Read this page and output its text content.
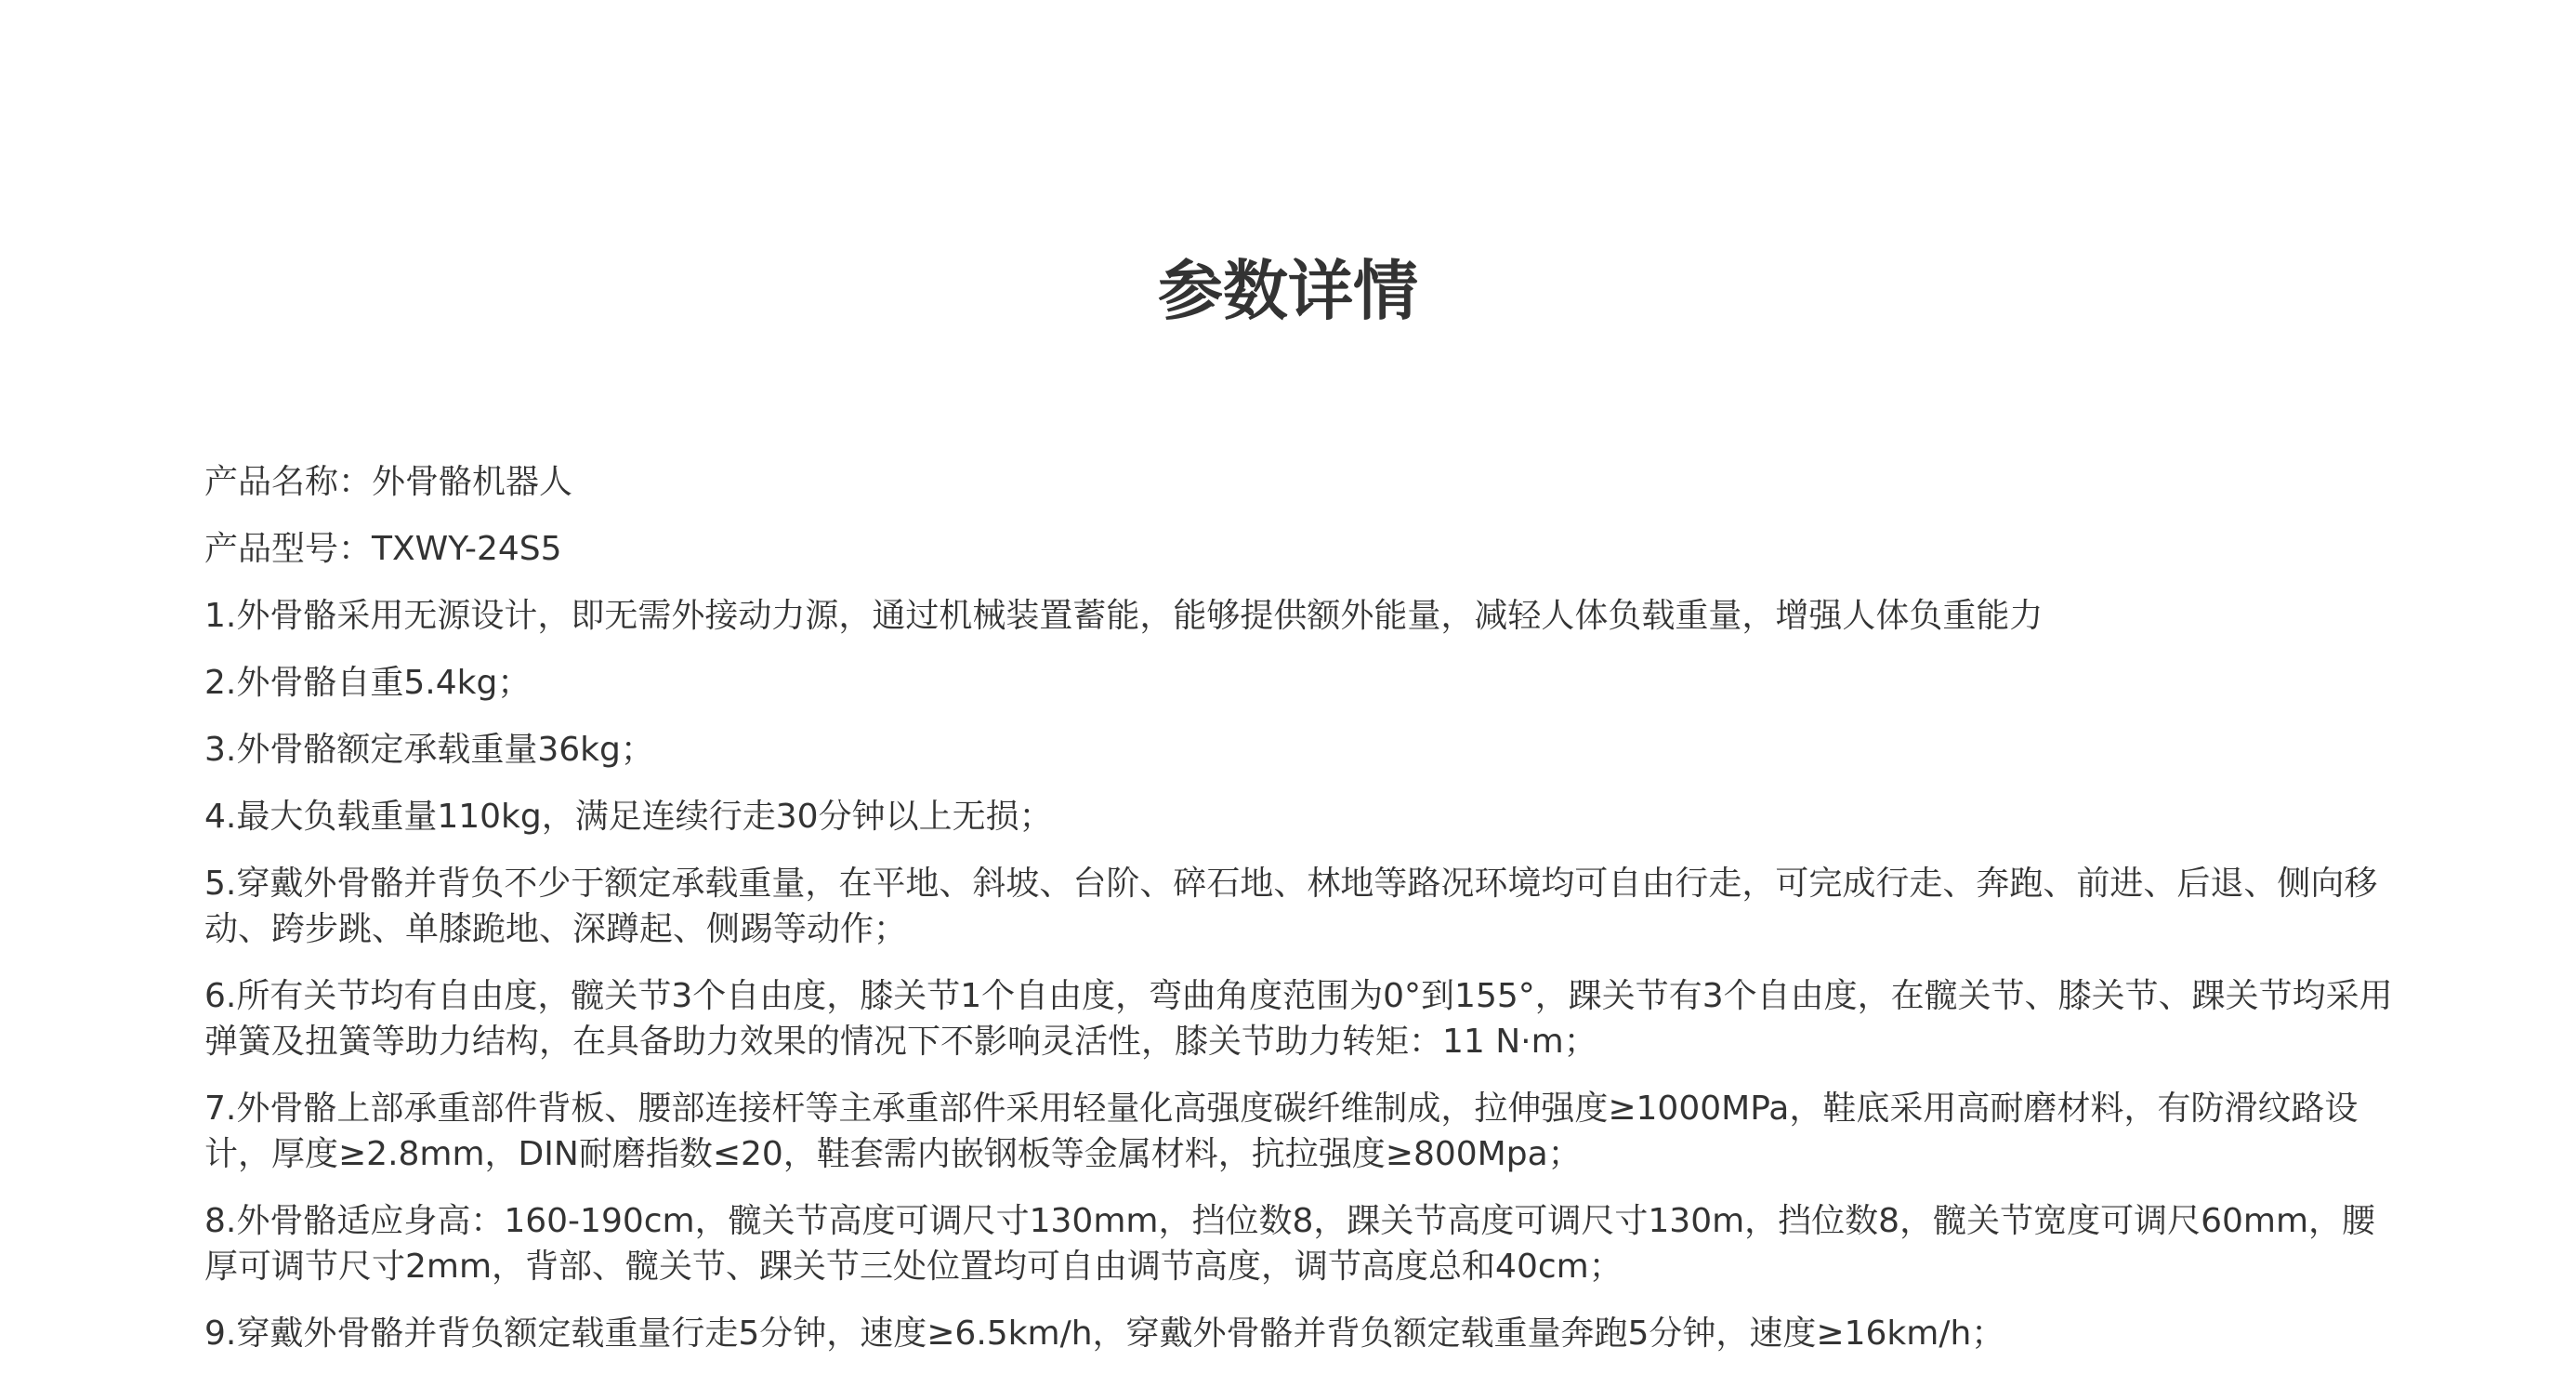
参数详情

产品名称：外骨骼机器人

产品型号：TXWY-24S5

1.外骨骼采用无源设计，即无需外接动力源，通过机械装置蓄能，能够提供额外能量，减轻人体负载重量，增强人体负重能力

2.外骨骼自重5.4kg；

3.外骨骼额定承载重量36kg；

4.最大负载重量110kg，满足连续行走30分钟以上无损；

5.穿戴外骨骼并背负不少于额定承载重量，在平地、斜坡、台阶、碎石地、林地等路况环境均可自由行走，可完成行走、奔跑、前进、后退、侧向移动、跨步跳、单膝跪地、深蹲起、侧踢等动作；

6.所有关节均有自由度，髋关节3个自由度，膝关节1个自由度，弯曲角度范围为0°到155°，踝关节有3个自由度，在髋关节、膝关节、踝关节均采用弹簧及扭簧等助力结构，在具备助力效果的情况下不影响灵活性，膝关节助力转矩：11 N·m；

7.外骨骼上部承重部件背板、腰部连接杆等主承重部件采用轻量化高强度碳纤维制成，拉伸强度≥1000MPa，鞋底采用高耐磨材料，有防滑纹路设计，厚度≥2.8mm，DIN耐磨指数≤20，鞋套需内嵌钢板等金属材料，抗拉强度≥800Mpa；

8.外骨骼适应身高：160-190cm，髋关节高度可调尺寸130mm，挡位数8，踝关节高度可调尺寸130m，挡位数8，髋关节宽度可调尺60mm，腰厚可调节尺寸2mm，背部、髋关节、踝关节三处位置均可自由调节高度，调节高度总和40cm；

9.穿戴外骨骼并背负额定载重量行走5分钟，速度≥6.5km/h，穿戴外骨骼并背负额定载重量奔跑5分钟，速度≥16km/h；
